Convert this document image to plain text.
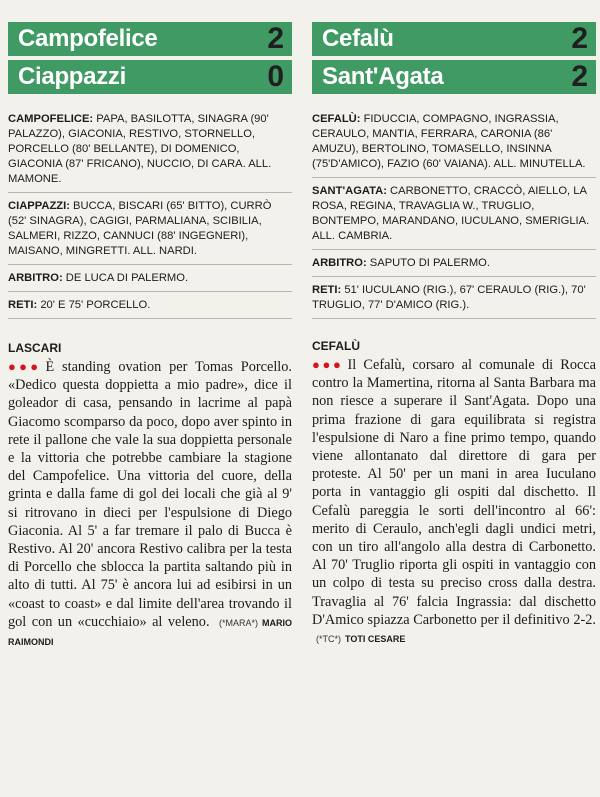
Campofelice	2
Ciappazzi	0
CAMPOFELICE: PAPA, BASILOTTA, SINAGRA (90' PALAZZO), GIACONIA, RESTIVO, STORNELLO, PORCELLO (80' BELLANTE), DI DOMENICO, GIACONIA (87' FRICANO), NUCCIO, DI CARA. ALL. MAMONE.
CIAPPAZZI: BUCCA, BISCARI (65' BITTO), CURRÒ (52' SINAGRA), CAGIGI, PARMALIANA, SCIBILIA, SALMERI, RIZZO, CANNUCI (88' INGEGNERI), MAISANO, MINGRETTI. ALL. NARDI.
ARBITRO: DE LUCA DI PALERMO.
RETI: 20' E 75' PORCELLO.
LASCARI
●●● È standing ovation per Tomas Porcello. «Dedico questa doppietta a mio padre», dice il goleador di casa, pensando in lacrime al papà Giacomo scomparso da poco, dopo aver spinto in rete il pallone che vale la sua doppietta personale e la vittoria che potrebbe cambiare la stagione del Campofelice. Una vittoria del cuore, della grinta e dalla fame di gol dei locali che già al 9' si ritrovano in dieci per l'espulsione di Diego Giaconia. Al 5' a far tremare il palo di Bucca è Restivo. Al 20' ancora Restivo calibra per la testa di Porcello che sblocca la partita saltando più in alto di tutti. Al 75' è ancora lui ad esibirsi in un «coast to coast» e dal limite dell'area trovando il gol con un «cucchiaio» al veleno. (*MARA*) MARIO RAIMONDI
Cefalù	2
Sant'Agata	2
CEFALÙ: FIDUCCIA, COMPAGNO, INGRASSIA, CERAULO, MANTIA, FERRARA, CARONIA (86' AMUZU), BERTOLINO, TOMASELLO, INSINNA (75'D'AMICO), FAZIO (60' VAIANA). ALL. MINUTELLA.
SANT'AGATA: CARBONETTO, CRACCÒ, AIELLO, LA ROSA, REGINA, TRAVAGLIA W., TRUGLIO, BONTEMPO, MARANDANO, IUCULANO, SMERIGLIA. ALL. CAMBRIA.
ARBITRO: SAPUTO DI PALERMO.
RETI: 51' IUCULANO (RIG.), 67' CERAULO (RIG.), 70' TRUGLIO, 77' D'AMICO (RIG.).
CEFALÙ
●●● Il Cefalù, corsaro al comunale di Rocca contro la Mamertina, ritorna al Santa Barbara ma non riesce a superare il Sant'Agata. Dopo una prima frazione di gara equilibrata si registra l'espulsione di Naro a fine primo tempo, quando viene allontanato dal direttore di gara per proteste. Al 50' per un mani in area Iuculano porta in vantaggio gli ospiti dal dischetto. Il Cefalù pareggia le sorti dell'incontro al 66': merito di Ceraulo, anch'egli dagli undici metri, con un tiro all'angolo alla destra di Carbonetto. Al 70' Truglio riporta gli ospiti in vantaggio con un colpo di testa su preciso cross dalla destra. Travaglia al 76' falcia Ingrassia: dal dischetto D'Amico spiazza Carbonetto per il definitivo 2-2. (*TC*) TOTI CESARE
